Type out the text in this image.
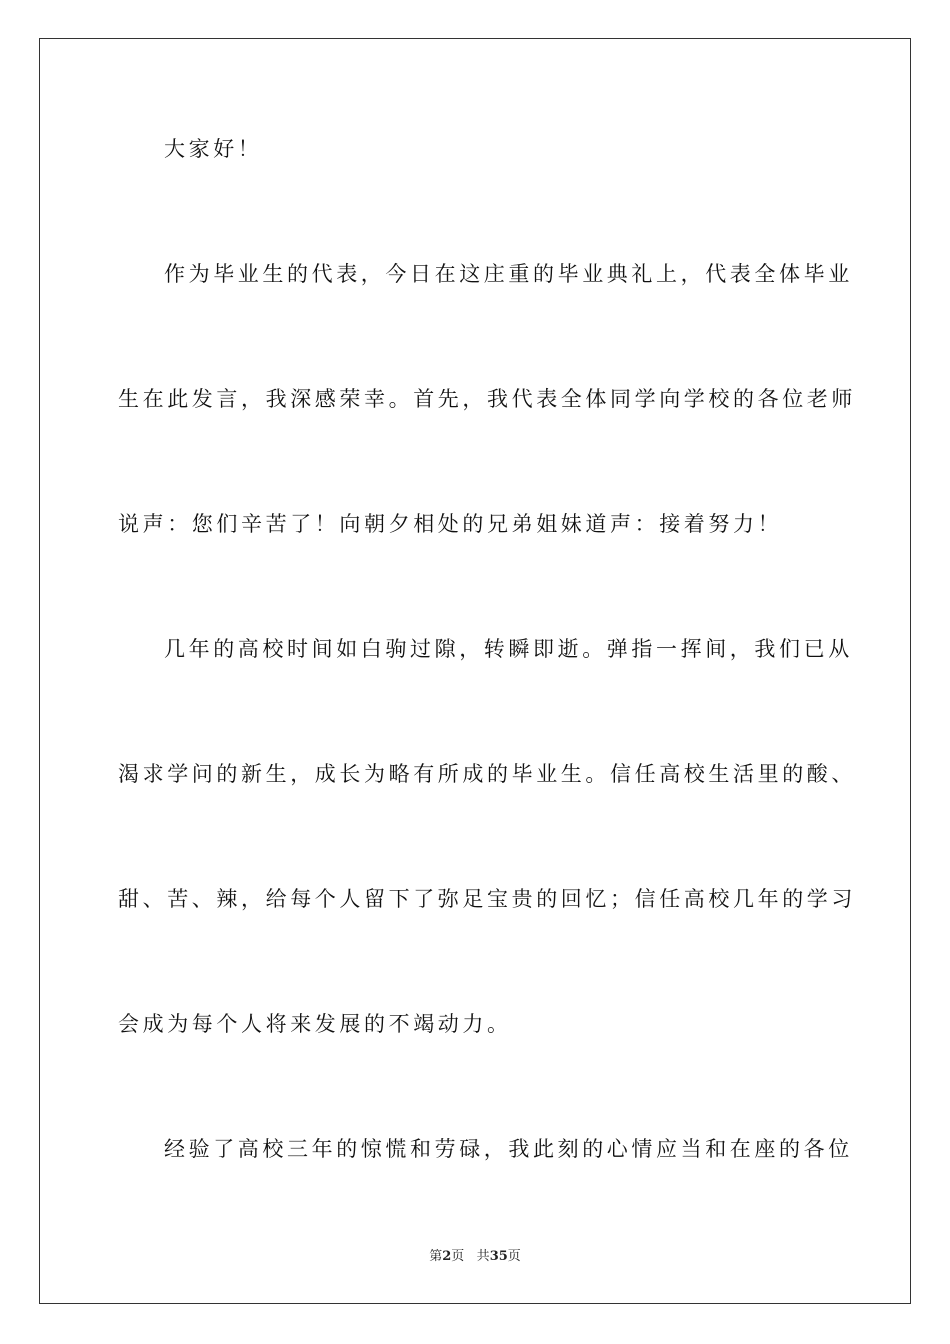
大家好！
作为毕业生的代表，今日在这庄重的毕业典礼上，代表全体毕业
生在此发言，我深感荣幸。首先，我代表全体同学向学校的各位老师
说声：您们辛苦了！向朝夕相处的兄弟姐妹道声：接着努力！
几年的高校时间如白驹过隙，转瞬即逝。弹指一挥间，我们已从
渴求学问的新生，成长为略有所成的毕业生。信任高校生活里的酸、
甜、苦、辣，给每个人留下了弥足宝贵的回忆；信任高校几年的学习
会成为每个人将来发展的不竭动力。
经验了高校三年的惊慌和劳碌，我此刻的心情应当和在座的各位
第2页 共35页
